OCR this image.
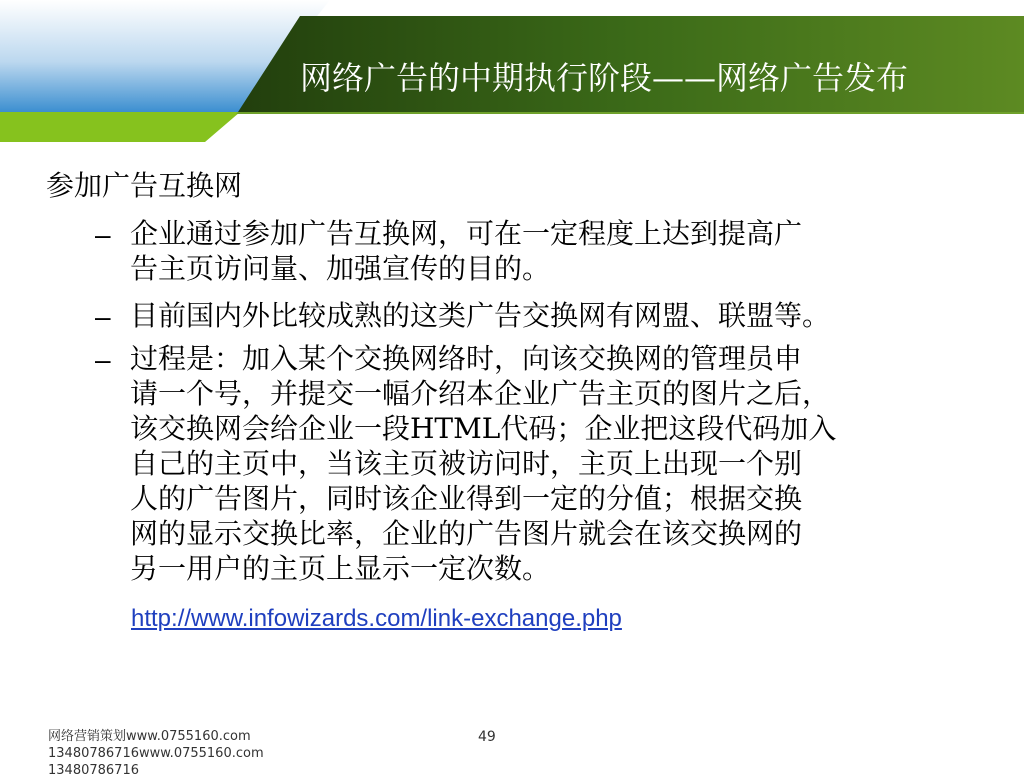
网络广告的中期执行阶段——网络广告发布
参加广告互换网
– 企业通过参加广告互换网，可在一定程度上达到提高广
告主页访问量、加强宣传的目的。
– 目前国内外比较成熟的这类广告交换网有网盟、联盟等。
– 过程是：加入某个交换网络时，向该交换网的管理员申
请一个号，并提交一幅介绍本企业广告主页的图片之后，
该交换网会给企业一段HTML代码；企业把这段代码加入
自己的主页中，当该主页被访问时，主页上出现一个别
人的广告图片，同时该企业得到一定的分值；根据交换
网的显示交换比率，企业的广告图片就会在该交换网的
另一用户的主页上显示一定次数。
http://www.infowizards.com/link-exchange.php
网络营销策划www.0755160.com
13480786716www.0755160.com
13480786716
49
